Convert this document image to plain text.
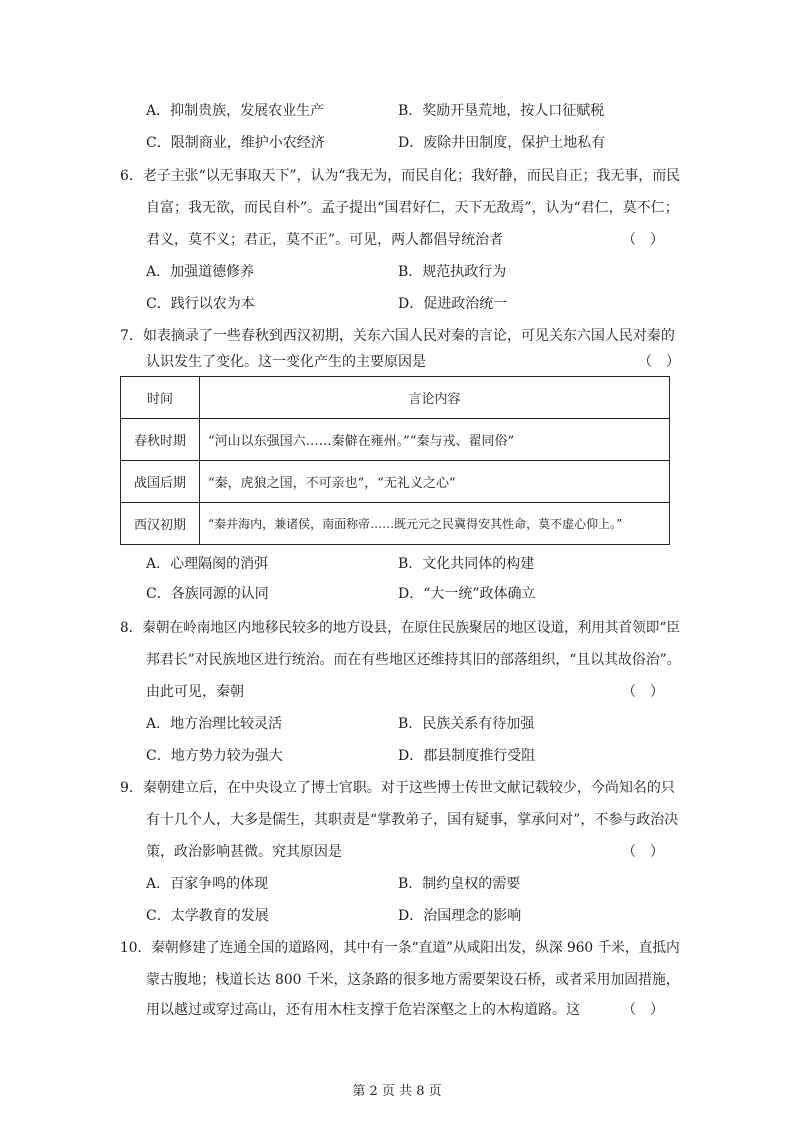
A．抑制贵族，发展农业生产	B．奖励开垦荒地，按人口征赋税
C．限制商业，维护小农经济	D．废除井田制度，保护土地私有
6．老子主张“以无事取天下”，认为“我无为，而民自化；我好静，而民自正；我无事，而民
自富；我无欲，而民自朴”。孟子提出“国君好仁，天下无敌焉”，认为“君仁，莫不仁；
君义，莫不义；君正，莫不正”。可见，两人都倡导统治者	（　）
A．加强道德修养	B．规范执政行为
C．践行以农为本	D．促进政治统一
7．如表摘录了一些春秋到西汉初期，关东六国人民对秦的言论，可见关东六国人民对秦的
认识发生了变化。这一变化产生的主要原因是	（　）
时间	言论内容
春秋时期	“河山以东强国六……秦僻在雍州。”“秦与戎、翟同俗”
战国后期	“秦，虎狼之国，不可亲也”，“无礼义之心”
西汉初期	“秦并海内，兼诸侯，南面称帝……既元元之民冀得安其性命，莫不虚心仰上。”
A．心理隔阂的消弭	B．文化共同体的构建
C．各族同源的认同	D．“大一统”政体确立
8．秦朝在岭南地区内地移民较多的地方设县，在原住民族聚居的地区设道，利用其首领即“臣
邦君长”对民族地区进行统治。而在有些地区还维持其旧的部落组织，“且以其故俗治”。
由此可见，秦朝	（　）
A．地方治理比较灵活	B．民族关系有待加强
C．地方势力较为强大	D．郡县制度推行受阻
9．秦朝建立后，在中央设立了博士官职。对于这些博士传世文献记载较少，今尚知名的只
有十几个人，大多是儒生，其职责是“掌教弟子，国有疑事，掌承问对”，不参与政治决
策，政治影响甚微。究其原因是	（　）
A．百家争鸣的体现	B．制约皇权的需要
C．太学教育的发展	D．治国理念的影响
10．秦朝修建了连通全国的道路网，其中有一条“直道”从咸阳出发，纵深 960 千米，直抵内
蒙古腹地；栈道长达 800 千米，这条路的很多地方需要架设石桥，或者采用加固措施，
用以越过或穿过高山，还有用木柱支撑于危岩深壑之上的木构道路。这	（　）
第 2 页 共 8 页
